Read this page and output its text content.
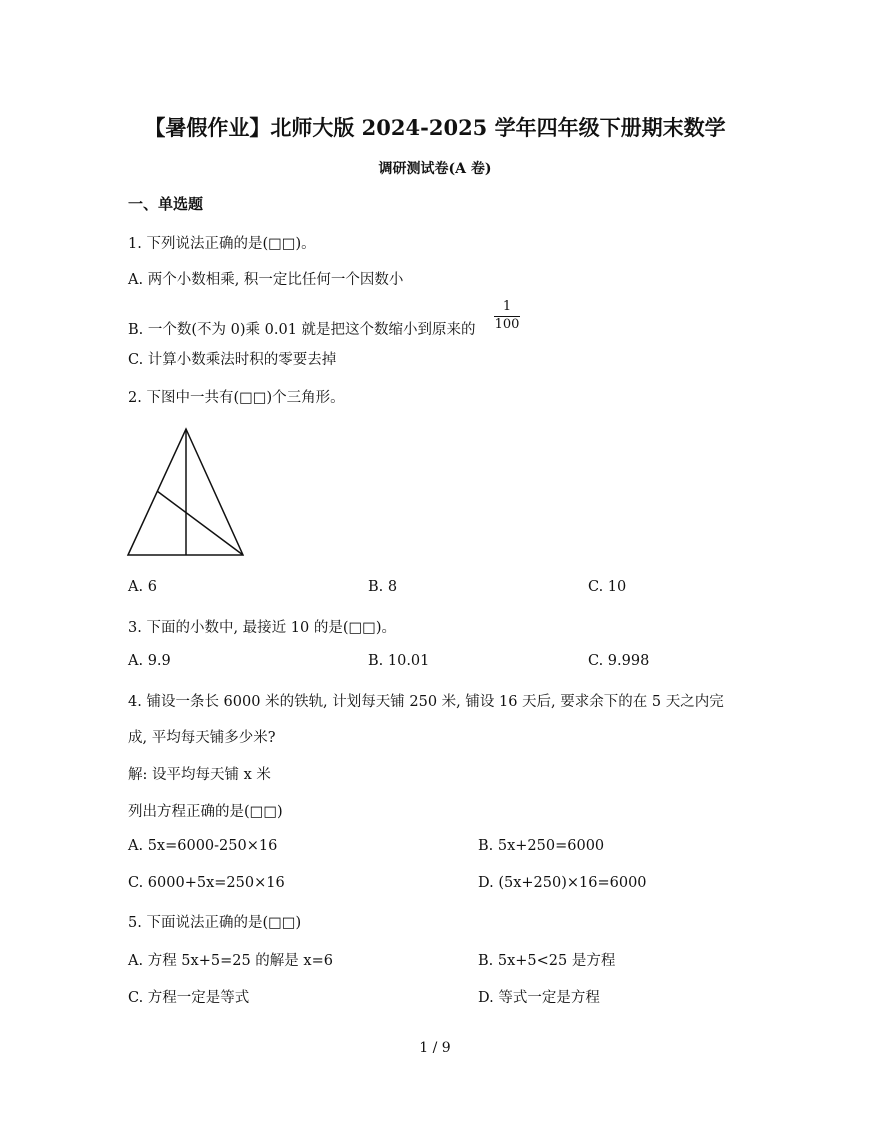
【暑假作业】北师大版 2024-2025 学年四年级下册期末数学
调研测试卷(A 卷)
一、单选题
1. 下列说法正确的是(□□)。
A. 两个小数相乘, 积一定比任何一个因数小
B. 一个数(不为 0)乘 0.01 就是把这个数缩小到原来的
1
100
C. 计算小数乘法时积的零要去掉
2. 下图中一共有(□□)个三角形。
A. 6	B. 8	C. 10
3. 下面的小数中, 最接近 10 的是(□□)。
A. 9.9	B. 10.01	C. 9.998
4. 铺设一条长 6000 米的铁轨, 计划每天铺 250 米, 铺设 16 天后, 要求余下的在 5 天之内完
成, 平均每天铺多少米?
解: 设平均每天铺 x 米
列出方程正确的是(□□)
A. 5x=6000-250×16	B. 5x+250=6000
C. 6000+5x=250×16	D. (5x+250)×16=6000
5. 下面说法正确的是(□□)
A. 方程 5x+5=25 的解是 x=6	B. 5x+5<25 是方程
C. 方程一定是等式	D. 等式一定是方程
1 / 9
